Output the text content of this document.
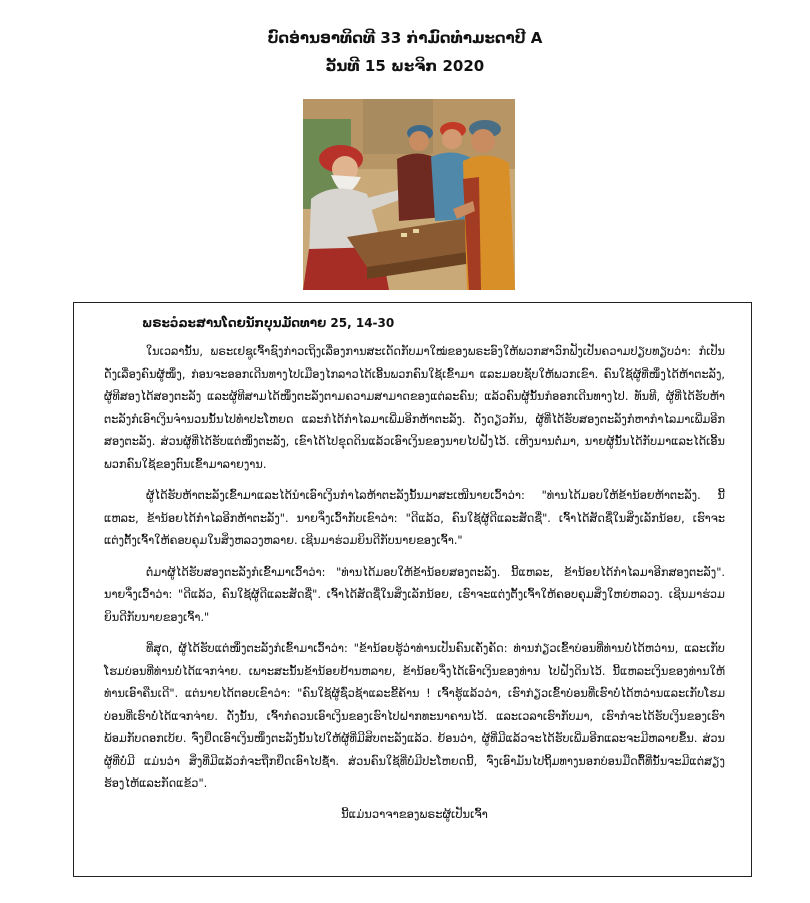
ບົດອ່ານອາທິດທີ 33 ກ່າມົດທຳມະດາປີ A
ວັນທີ 15 ພະຈິກ 2020
ພຣະວໍລະສານໂດຍນັກບຸນມັດທາຍ 25, 14-30

ໃນເວລານັ້ນ, ພຣະເຢຊູເຈົ້າຊົງກ່າວເຖິງເລື່ອງການສະເດັດກັບມາໃໝ່ຂອງພຣະອົງໃຫ້ພວກສາວົກຟັງເປັນຄວາມປຽບທຽບວ່າ: ກໍເປັນດັ່ງເລື່ອງຄົນຜູ້ໜຶ່ງ, ກ່ອນຈະອອກເດີນທາງໄປເມືອງໄກລາວໄດ້ເອີ້ນພວກຄົນໃຊ້ເຂົ້າມາ ແລະມອບຊັບໃຫ້ພວກເຂົາ. ຄົນໃຊ້ຜູ້ທີ່ໜຶ່ງໄດ້ຫ້າຕະລັງ, ຜູ້ທີສອງໄດ້ສອງຕະລັງ ແລະຜູ້ທີສາມໄດ້ໜຶ່ງຕະລັງຕາມຄວາມສາມາດຂອງແຕ່ລະຄົນ; ແລ້ວຄົນຜູ້ນັ້ນກໍອອກເດີນທາງໄປ. ທັນທີ, ຜູ້ທີ່ໄດ້ຮັບຫ້າຕະລັງກໍເອົາເງິນຈຳນວນນັ້ນໄປທຳປະໂຫຍດ ແລະກໍໄດ້ກຳໄລມາເພີ່ມອີກຫ້າຕະລັງ. ດັ່ງດຽວກັນ, ຜູ້ທີ່ໄດ້ຮັບສອງຕະລັງກໍຫາກຳໄລມາເພີ່ມອີກສອງຕະລັງ. ສ່ວນຜູ້ທີ່ໄດ້ຮັບແຕ່ໜຶ່ງຕະລັງ, ເຂົາໄດ້ໄປຂຸດດິນແລ້ວເອົາເງິນຂອງນາຍໄປຝັງໄວ້. ເຫີງນານຕໍ່ມາ, ນາຍຜູ້ນັ້ນໄດ້ກັບມາແລະໄດ້ເອີ້ນພວກຄົນໃຊ້ຂອງຕົນເຂົ້າມາລາຍງານ.

ຜູ້ໄດ້ຮັບຫ້າຕະລັງເຂົ້າມາແລະໄດ້ນຳເອົາເງິນກຳໄລຫ້າຕະລັງນັ້ນມາສະເໜີນາຍເວົ້າວ່າ: "ທ່ານໄດ້ມອບໃຫ້ຂ້ານ້ອຍຫ້າຕະລັງ. ນີ້ແຫລະ, ຂ້ານ້ອຍໄດ້ກຳໄລອີກຫ້າຕະລັງ". ນາຍຈຶ່ງເວົ້າກັບເຂົາວ່າ: "ດີແລ້ວ, ຄົນໃຊ້ຜູ້ດີແລະສັດຊື່". ເຈົ້າໄດ້ສັດຊື່ໃນສິ່ງເລັກນ້ອຍ, ເຮົາຈະແຕ່ງຕັ້ງເຈົ້າໃຫ້ຄອບຄຸມໃນສິ່ງຫລວງຫລາຍ. ເຊີນມາຮ່ວມຍິນດີກັບນາຍຂອງເຈົ້າ."

ຕໍ່ມາຜູ້ໄດ້ຮັບສອງຕະລັງກໍເຂົ້າມາເວົ້າວ່າ: "ທ່ານໄດ້ມອບໃຫ້ຂ້ານ້ອຍສອງຕະລັງ. ນີ້ແຫລະ, ຂ້ານ້ອຍໄດ້ກຳໄລມາອີກສອງຕະລັງ". ນາຍຈຶ່ງເວົ້າວ່າ: "ດີແລ້ວ, ຄົນໃຊ້ຜູ້ດີແລະສັດຊື່". ເຈົ້າໄດ້ສັດຊື່ໃນສິ່ງເລັກນ້ອຍ, ເຮົາຈະແຕ່ງຕັ້ງເຈົ້າໃຫ້ຄອບຄຸມສິ່ງໃຫຍ່ຫລວງ. ເຊີນມາຮ່ວມຍິນດີກັບນາຍຂອງເຈົ້າ."

ທີ່ສຸດ, ຜູ້ໄດ້ຮັບແຕ່ໜຶ່ງຕະລັງກໍເຂົ້າມາເວົ້າວ່າ: "ຂ້ານ້ອຍຮູ້ວ່າທ່ານເປັນຄົນເຄັ່ງຄັດ: ທ່ານກ່ຽວເຂົ້າບ່ອນທີ່ທ່ານບໍ່ໄດ້ຫວ່ານ, ແລະເກັບໂຮມບ່ອນທີ່ທ່ານບໍ່ໄດ້ແຈກຈ່າຍ. ເພາະສະນັ້ນຂ້ານ້ອຍຢ້ານຫລາຍ, ຂ້ານ້ອຍຈຶ່ງໄດ້ເອົາເງິນຂອງທ່ານ ໄປຝັງດິນໄວ້. ນີ້ແຫລະເງິນຂອງທ່ານໃຫ້ທ່ານເອົາຄືນເດີ". ແຕ່ນາຍໄດ້ຕອບເຂົາວ່າ: "ຄົນໃຊ້ຜູ້ຊົ່ວຊ້າແລະຂີ້ຄ້ານ ! ເຈົ້າຮູ້ແລ້ວວ່າ, ເຮົາກ່ຽວເຂົ້າບ່ອນທີ່ເຮົາບໍ່ໄດ້ຫວ່ານແລະເກັບໂຮມບ່ອນທີ່ເຮົາບໍ່ໄດ້ແຈກຈ່າຍ. ດັ່ງນັ້ນ, ເຈົ້າກໍຄວນເອົາເງິນຂອງເຮົາໄປຝາກທະນາຄານໄວ້. ແລະເວລາເຮົາກັບມາ, ເຮົາກໍຈະໄດ້ຮັບເງິນຂອງເຮົາພ້ອມກັບດອກເບ້ຍ. ຈົ່ງຢຶດເອົາເງິນໜຶ່ງຕະລັງນັ້ນໄປໃຫ້ຜູ້ທີ່ມີສິບຕະລັງແລ້ວ. ຍ້ອນວ່າ, ຜູ້ທີ່ມີແລ້ວຈະໄດ້ຮັບເພີ່ມອີກແລະຈະມີຫລາຍຂຶ້ນ. ສ່ວນຜູ້ທີ່ບໍ່ມີ ແມ່ນວ່າ ສິ່ງທີ່ມີແລ້ວກໍຈະຖືກຢຶດເອົາໄປຊ້ຳ. ສ່ວນຄົນໃຊ້ທີ່ບໍ່ມີປະໂຫຍດນີ້, ຈົ່ງເອົາມັນໄປຖິ້ມທາງນອກບ່ອນມືດຕຶ້ຶທີ່ນັ້ນຈະມີແຕ່ສຽງຮ້ອງໄຫ້ແລະກັດແຂ້ວ".

ນີ້ແມ່ນວາຈາຂອງພຣະຜູ້ເປັນເຈົ້າ
